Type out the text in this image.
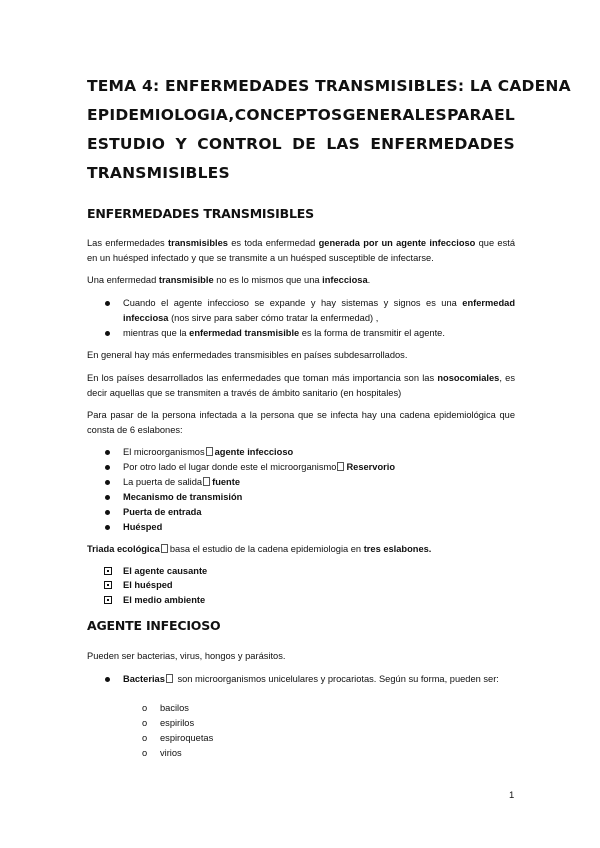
TEMA 4: ENFERMEDADES TRANSMISIBLES: LA CADENA
EPIDEMIOLOGIA, CONCEPTOS GENERALES PARA EL
ESTUDIO Y CONTROL DE LAS ENFERMEDADES
TRANSMISIBLES
ENFERMEDADES TRANSMISIBLES
Las enfermedades transmisibles es toda enfermedad generada por un agente infeccioso que está en un huésped infectado y que se transmite a un huésped susceptible de infectarse.
Una enfermedad transmisible no es lo mismos que una infecciosa.
Cuando el agente infeccioso se expande y hay sistemas y signos es una enfermedad infecciosa (nos sirve para saber cómo tratar la enfermedad) ,
mientras que la enfermedad transmisible es la forma de transmitir el agente.
En general hay más enfermedades transmisibles en países subdesarrollados.
En los países desarrollados las enfermedades que toman más importancia son las nosocomiales, es decir aquellas que se transmiten a través de ámbito sanitario (en hospitales)
Para pasar de la persona infectada a la persona que se infecta hay una cadena epidemiológica que consta de 6 eslabones:
El microorganismos agente infeccioso
Por otro lado el lugar donde este el microorganismo Reservorio
La puerta de salida fuente
Mecanismo de transmisión
Puerta de entrada
Huésped
Triada ecológica basa el estudio de la cadena epidemiologia en tres eslabones.
El agente causante
El huésped
El medio ambiente
AGENTE INFECIOSO
Pueden ser bacterias, virus, hongos y parásitos.
Bacterias son microorganismos unicelulares y procariotas. Según su forma, pueden ser:
o bacilos
o espirilos
o espiroquetas
o virios
1
